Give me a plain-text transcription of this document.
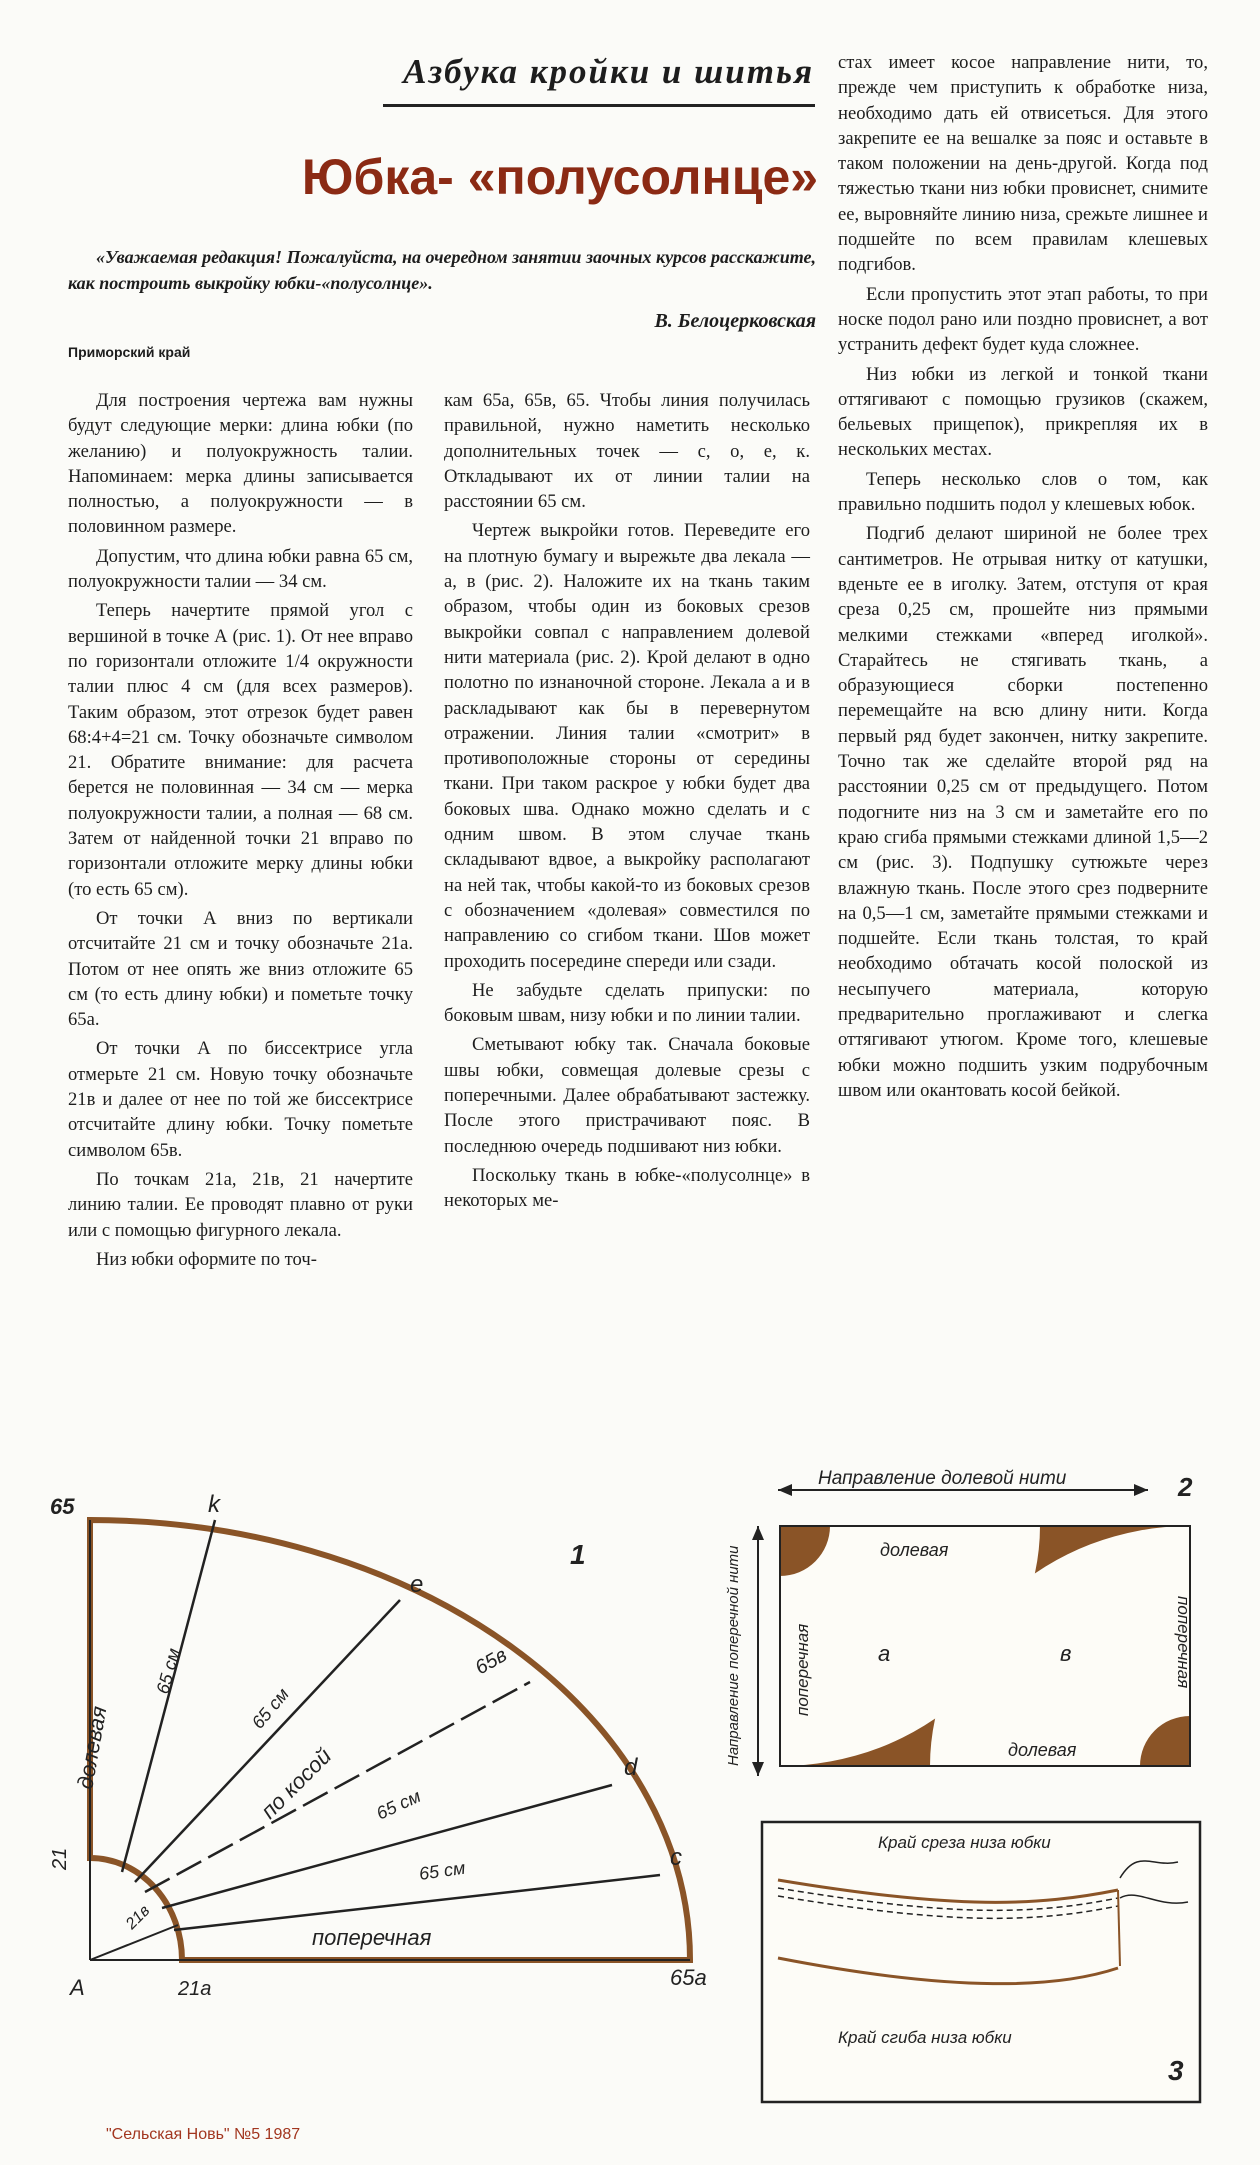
Азбука кройки и шитья
Юбка- «полусолнце»
«Уважаемая редакция! Пожалуйста, на очередном занятии заочных курсов расскажите, как построить выкройку юбки-«полусолнце».
В. Белоцерковская
Приморский край

Для построения чертежа вам нужны будут следующие мерки: длина юбки (по желанию) и полуокружность талии. Напоминаем: мерка длины записывается полностью, а полуокружности — в половинном размере.

Допустим, что длина юбки равна 65 см, полуокружности талии — 34 см.

Теперь начертите прямой угол с вершиной в точке А (рис. 1). От нее вправо по горизонтали отложите 1/4 окружности талии плюс 4 см (для всех размеров). Таким образом, этот отрезок будет равен 68:4+4=21 см. Точку обозначьте символом 21. Обратите внимание: для расчета берется не половинная — 34 см — мерка полуокружности талии, а полная — 68 см. Затем от найденной точки 21 вправо по горизонтали отложите мерку длины юбки (то есть 65 см).

От точки А вниз по вертикали отсчитайте 21 см и точку обозначьте 21а. Потом от нее опять же вниз отложите 65 см (то есть длину юбки) и пометьте точку 65а.

От точки А по биссектрисе угла отмерьте 21 см. Новую точку обозначьте 21в и далее от нее по той же биссектрисе отсчитайте длину юбки. Точку пометьте символом 65в.

По точкам 21а, 21в, 21 начертите линию талии. Ее проводят плавно от руки или с помощью фигурного лекала.

Низ юбки оформите по точ-

кам 65а, 65в, 65. Чтобы линия получилась правильной, нужно наметить несколько дополнительных точек — с, о, е, к. Откладывают их от линии талии на расстоянии 65 см.

Чертеж выкройки готов. Переведите его на плотную бумагу и вырежьте два лекала — а, в (рис. 2). Наложите их на ткань таким образом, чтобы один из боковых срезов выкройки совпал с направлением долевой нити материала (рис. 2). Крой делают в одно полотно по изнаночной стороне. Лекала а и в раскладывают как бы в перевернутом отражении. Линия талии «смотрит» в противоположные стороны от середины ткани. При таком раскрое у юбки будет два боковых шва. Однако можно сделать и с одним швом. В этом случае ткань складывают вдвое, а выкройку располагают на ней так, чтобы какой-то из боковых срезов с обозначением «долевая» совместился по направлению со сгибом ткани. Шов может проходить посередине спереди или сзади.

Не забудьте сделать припуски: по боковым швам, низу юбки и по линии талии.

Сметывают юбку так. Сначала боковые швы юбки, совмещая долевые срезы с поперечными. Далее обрабатывают застежку. После этого пристрачивают пояс. В последнюю очередь подшивают низ юбки.

Поскольку ткань в юбке-«полусолнце» в некоторых ме-

стах имеет косое направление нити, то, прежде чем приступить к обработке низа, необходимо дать ей отвисеться. Для этого закрепите ее на вешалке за пояс и оставьте в таком положении на день-другой. Когда под тяжестью ткани низ юбки провиснет, снимите ее, выровняйте линию низа, срежьте лишнее и подшейте по всем правилам клешевых подгибов.

Если пропустить этот этап работы, то при носке подол рано или поздно провиснет, а вот устранить дефект будет куда сложнее.

Низ юбки из легкой и тонкой ткани оттягивают с помощью грузиков (скажем, бельевых прищепок), прикрепляя их в нескольких местах.

Теперь несколько слов о том, как правильно подшить подол у клешевых юбок.

Подгиб делают шириной не более трех сантиметров. Не отрывая нитку от катушки, вденьте ее в иголку. Затем, отступя от края среза 0,25 см, прошейте низ прямыми мелкими стежками «вперед иголкой». Старайтесь не стягивать ткань, а образующиеся сборки постепенно перемещайте на всю длину нити. Когда первый ряд будет закончен, нитку закрепите. Точно так же сделайте второй ряд на расстоянии 0,25 см от предыдущего. Потом подогните низ на 3 см и заметайте его по краю сгиба прямыми стежками длиной 1,5—2 см (рис. 3). Подпушку сутюжьте через влажную ткань. После этого срез подверните на 0,5—1 см, заметайте прямыми стежками и подшейте. Если ткань толстая, то край необходимо обтачать косой полоской из несыпучего материала, которую предварительно проглаживают и слегка оттягивают утюгом. Кроме того, клешевые юбки можно подшить узким подрубочным швом или окантовать косой бейкой.

65	k
e
65в
d
c
1
21
A	21а	65а
21в
долевая
поперечная
по косой
65 см
65 см
65 см
65 см
Направление долевой нити	2
Направление поперечной нити	долевая
долевая
поперечная	поперечная
а	в
Край среза низа юбки
Край сгиба низа юбки
3
"Сельская Новь" №5 1987
